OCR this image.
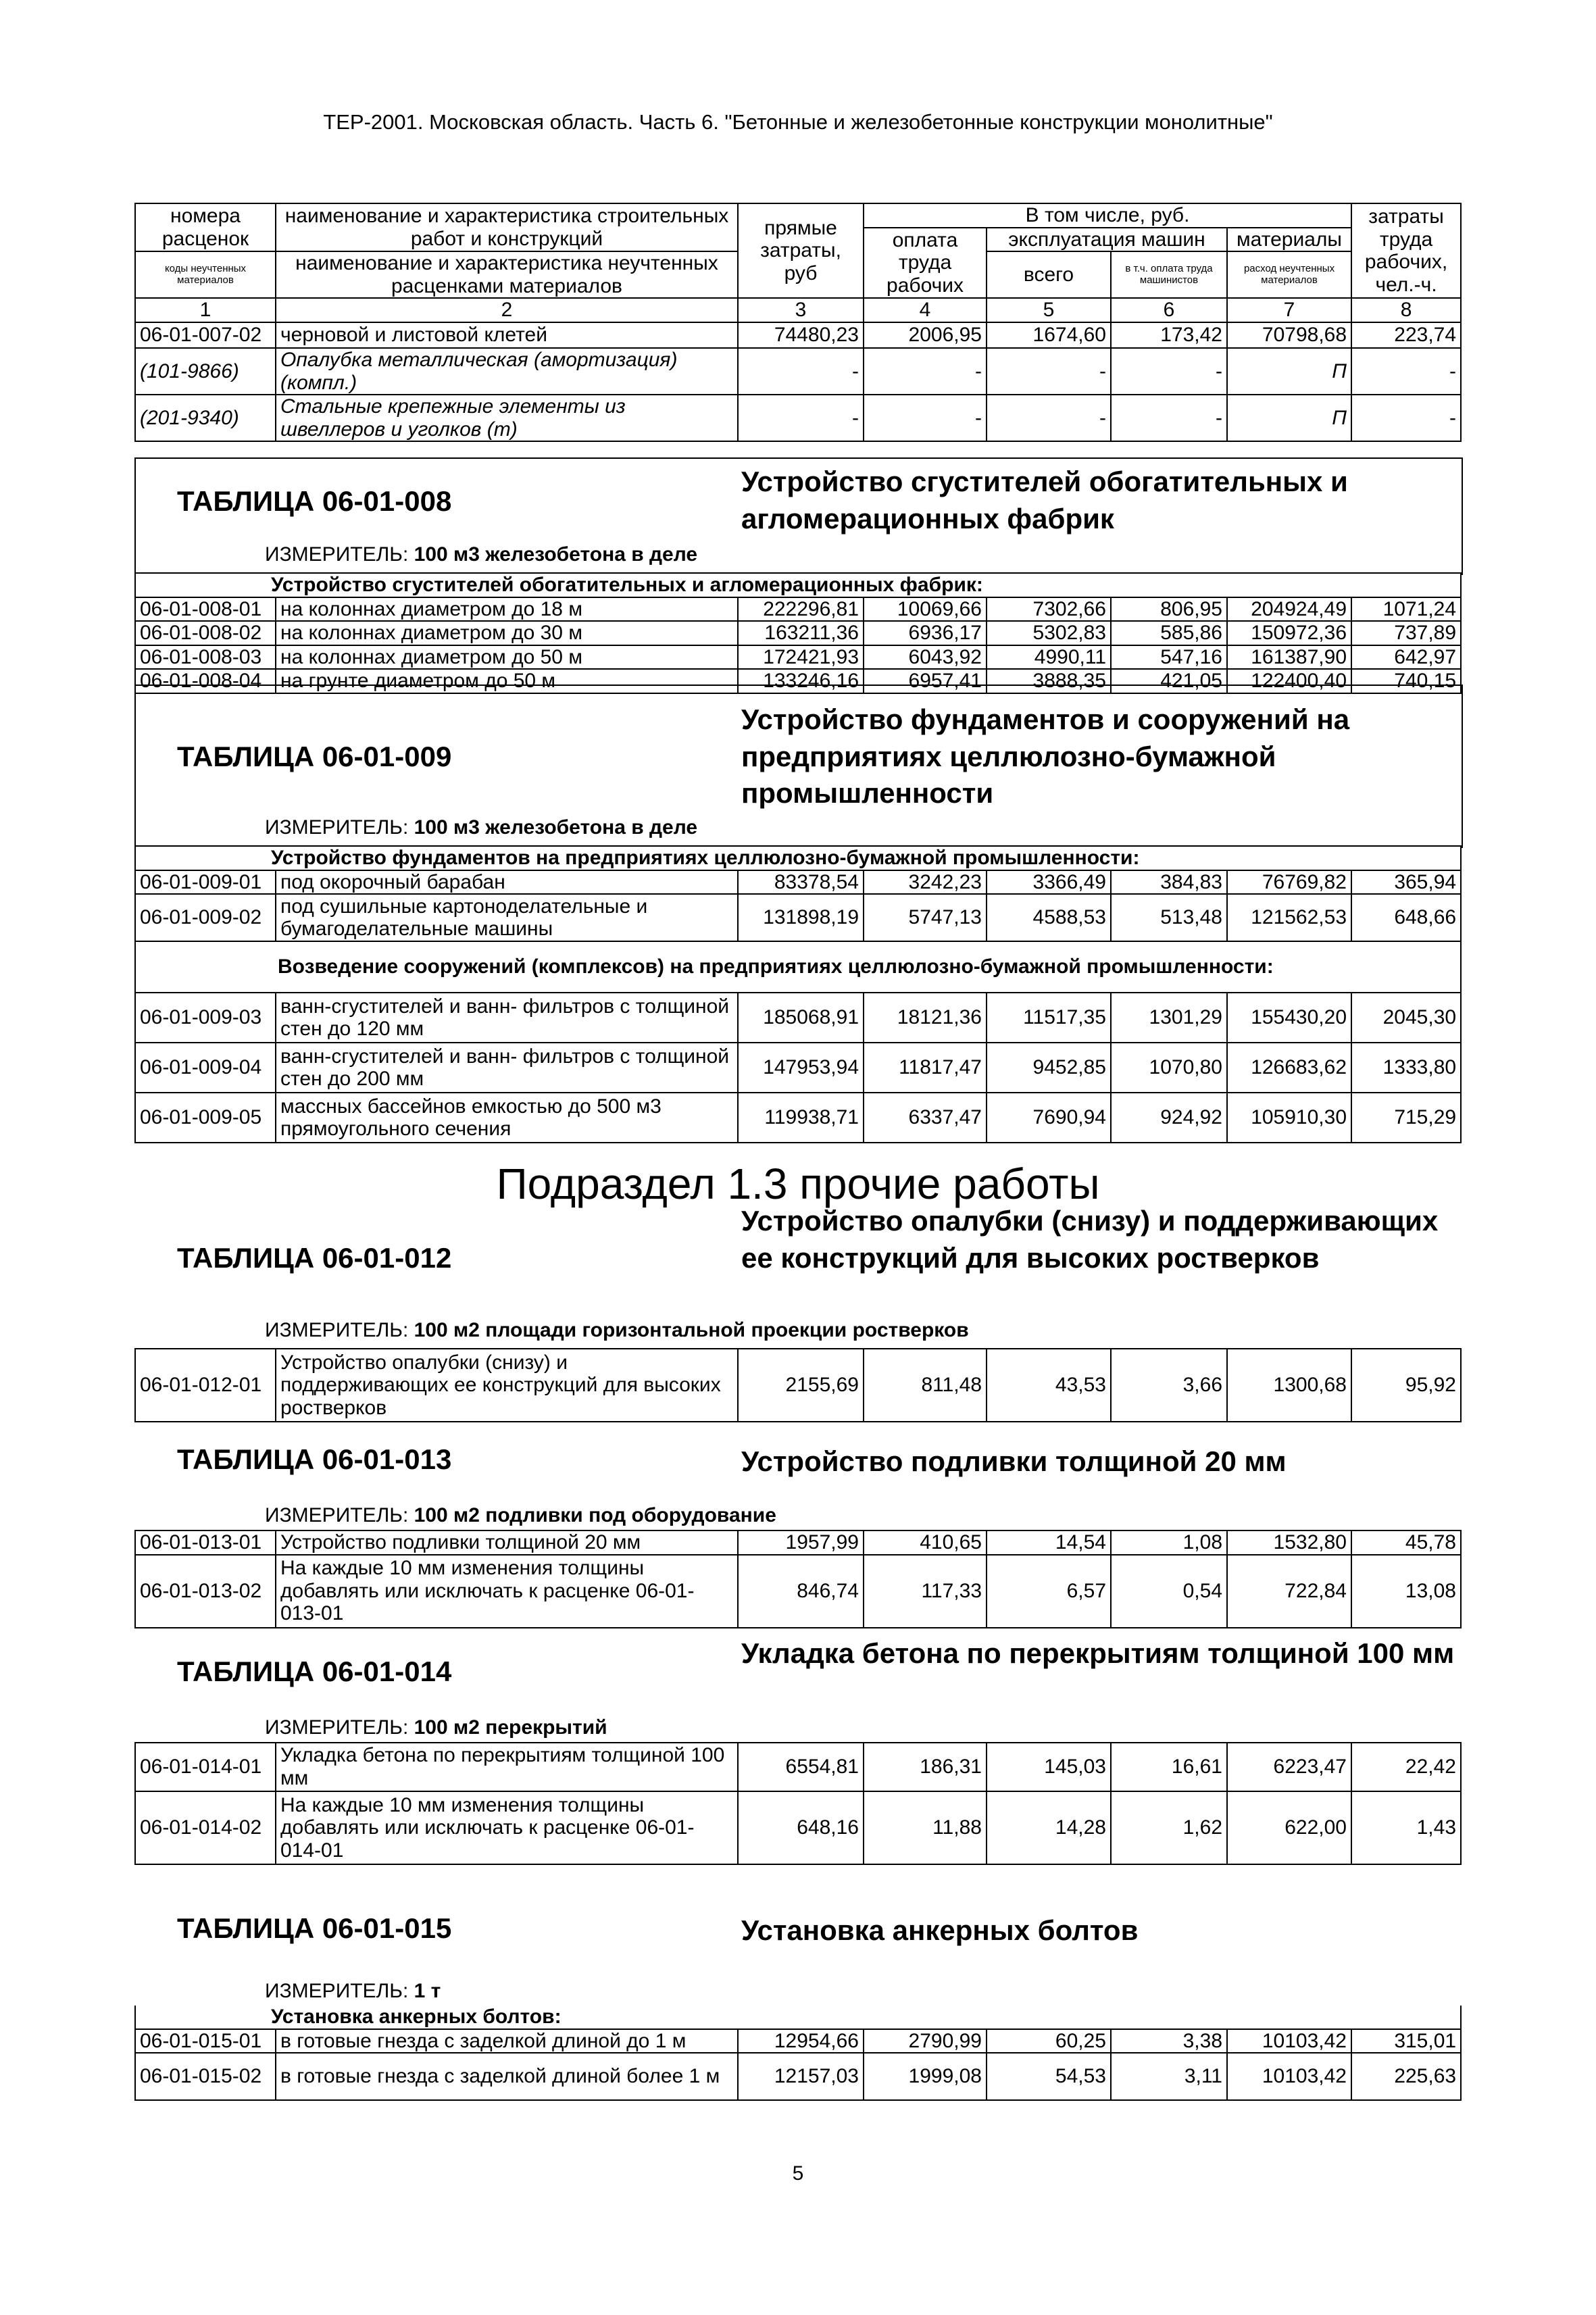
ТЕР-2001. Московская область. Часть 6. "Бетонные и железобетонные конструкции монолитные"
номера расценок	наименование и характеристика строительных работ и конструкций	прямые затраты, руб	В том числе, руб.				затраты труда рабочих, чел.-ч.
			оплата труда рабочих	эксплуатация машин		материалы	
коды неучтенных материалов	наименование и характеристика неучтенных расценками материалов			всего	в т.ч. оплата труда машинистов	расход неучтенных материалов	

1	2	3	4	5	6	7	8
06-01-007-02	черновой и листовой клетей	74480,23	2006,95	1674,60	173,42	70798,68	223,74
(101-9866)	Опалубка металлическая (амортизация) (компл.)	-	-	-	-	П	-
(201-9340)	Стальные крепежные элементы из швеллеров и уголков (т)	-	-	-	-	П	-
ТАБЛИЦА 06-01-008
Устройство сгустителей обогатительных и агломерационных фабрик
ИЗМЕРИТЕЛЬ: 100 м3 железобетона в деле
Устройство сгустителей обогатительных и агломерационных фабрик:							
06-01-008-01	на колоннах диаметром до 18 м	222296,81	10069,66	7302,66	806,95	204924,49	1071,24
06-01-008-02	на колоннах диаметром до 30 м	163211,36	6936,17	5302,83	585,86	150972,36	737,89
06-01-008-03	на колоннах диаметром до 50 м	172421,93	6043,92	4990,11	547,16	161387,90	642,97
06-01-008-04	на грунте диаметром до 50 м	133246,16	6957,41	3888,35	421,05	122400,40	740,15
ТАБЛИЦА 06-01-009
Устройство фундаментов и сооружений на предприятиях целлюлозно-бумажной промышленности
ИЗМЕРИТЕЛЬ: 100 м3 железобетона в деле
Устройство фундаментов на предприятиях целлюлозно-бумажной промышленности:							
06-01-009-01	под окорочный барабан	83378,54	3242,23	3366,49	384,83	76769,82	365,94
06-01-009-02	под сушильные картоноделательные и бумагоделательные машины	131898,19	5747,13	4588,53	513,48	121562,53	648,66
Возведение сооружений (комплексов) на предприятиях целлюлозно-бумажной промышленности:							
06-01-009-03	ванн-сгустителей и ванн- фильтров с толщиной стен до 120 мм	185068,91	18121,36	11517,35	1301,29	155430,20	2045,30
06-01-009-04	ванн-сгустителей и ванн- фильтров с толщиной стен до 200 мм	147953,94	11817,47	9452,85	1070,80	126683,62	1333,80
06-01-009-05	массных бассейнов емкостью до 500 м3 прямоугольного сечения	119938,71	6337,47	7690,94	924,92	105910,30	715,29
Подраздел 1.3 прочие работы
ТАБЛИЦА 06-01-012
Устройство опалубки (снизу) и поддерживающих ее конструкций для высоких ростверков
ИЗМЕРИТЕЛЬ: 100 м2 площади горизонтальной проекции ростверков
06-01-012-01	Устройство опалубки (снизу) и поддерживающих ее конструкций для высоких ростверков	2155,69	811,48	43,53	3,66	1300,68	95,92
ТАБЛИЦА 06-01-013	Устройство подливки толщиной 20 мм
ИЗМЕРИТЕЛЬ: 100 м2 подливки под оборудование
06-01-013-01	Устройство подливки толщиной 20 мм	1957,99	410,65	14,54	1,08	1532,80	45,78
06-01-013-02	На каждые 10 мм изменения толщины добавлять или исключать к расценке 06-01-013-01	846,74	117,33	6,57	0,54	722,84	13,08
ТАБЛИЦА 06-01-014
Укладка бетона по перекрытиям толщиной 100 мм
ИЗМЕРИТЕЛЬ: 100 м2 перекрытий
06-01-014-01	Укладка бетона по перекрытиям толщиной 100 мм	6554,81	186,31	145,03	16,61	6223,47	22,42
06-01-014-02	На каждые 10 мм изменения толщины добавлять или исключать к расценке 06-01-014-01	648,16	11,88	14,28	1,62	622,00	1,43
ТАБЛИЦА 06-01-015	Установка анкерных болтов
ИЗМЕРИТЕЛЬ: 1 т
Установка анкерных болтов:							
06-01-015-01	в готовые гнезда с заделкой длиной до 1 м	12954,66	2790,99	60,25	3,38	10103,42	315,01
06-01-015-02	в готовые гнезда с заделкой длиной более 1 м	12157,03	1999,08	54,53	3,11	10103,42	225,63
5
